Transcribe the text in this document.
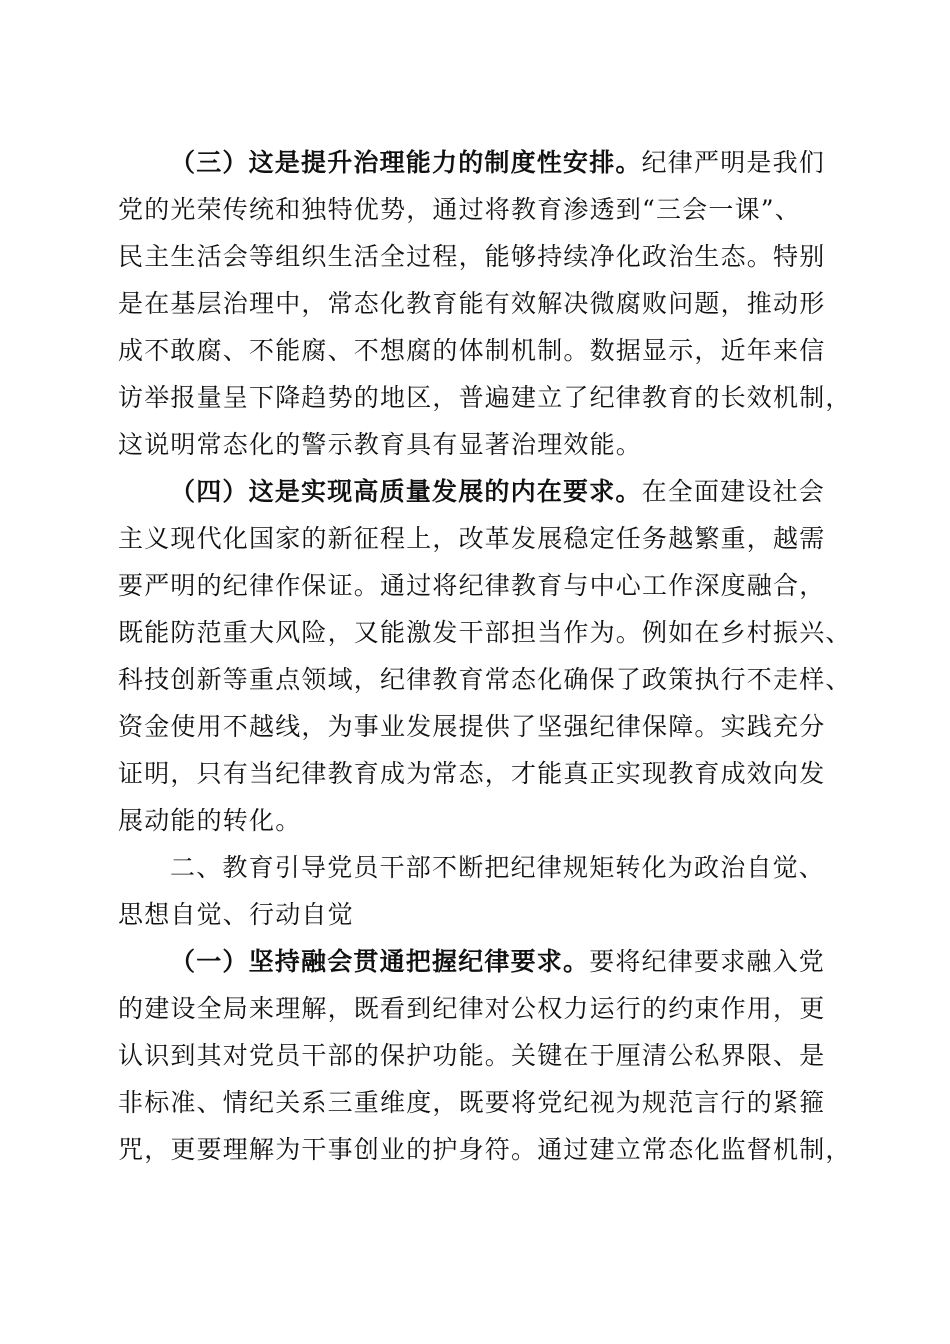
（三）这是提升治理能力的制度性安排。纪律严明是我们
党的光荣传统和独特优势，通过将教育渗透到“三会一课”、
民主生活会等组织生活全过程，能够持续净化政治生态。特别
是在基层治理中，常态化教育能有效解决微腐败问题，推动形
成不敢腐、不能腐、不想腐的体制机制。数据显示，近年来信
访举报量呈下降趋势的地区，普遍建立了纪律教育的长效机制，
这说明常态化的警示教育具有显著治理效能。
（四）这是实现高质量发展的内在要求。在全面建设社会
主义现代化国家的新征程上，改革发展稳定任务越繁重，越需
要严明的纪律作保证。通过将纪律教育与中心工作深度融合，
既能防范重大风险，又能激发干部担当作为。例如在乡村振兴、
科技创新等重点领域，纪律教育常态化确保了政策执行不走样、
资金使用不越线，为事业发展提供了坚强纪律保障。实践充分
证明，只有当纪律教育成为常态，才能真正实现教育成效向发
展动能的转化。
二、教育引导党员干部不断把纪律规矩转化为政治自觉、
思想自觉、行动自觉
（一）坚持融会贯通把握纪律要求。要将纪律要求融入党
的建设全局来理解，既看到纪律对公权力运行的约束作用，更
认识到其对党员干部的保护功能。关键在于厘清公私界限、是
非标准、情纪关系三重维度，既要将党纪视为规范言行的紧箍
咒，更要理解为干事创业的护身符。通过建立常态化监督机制，
